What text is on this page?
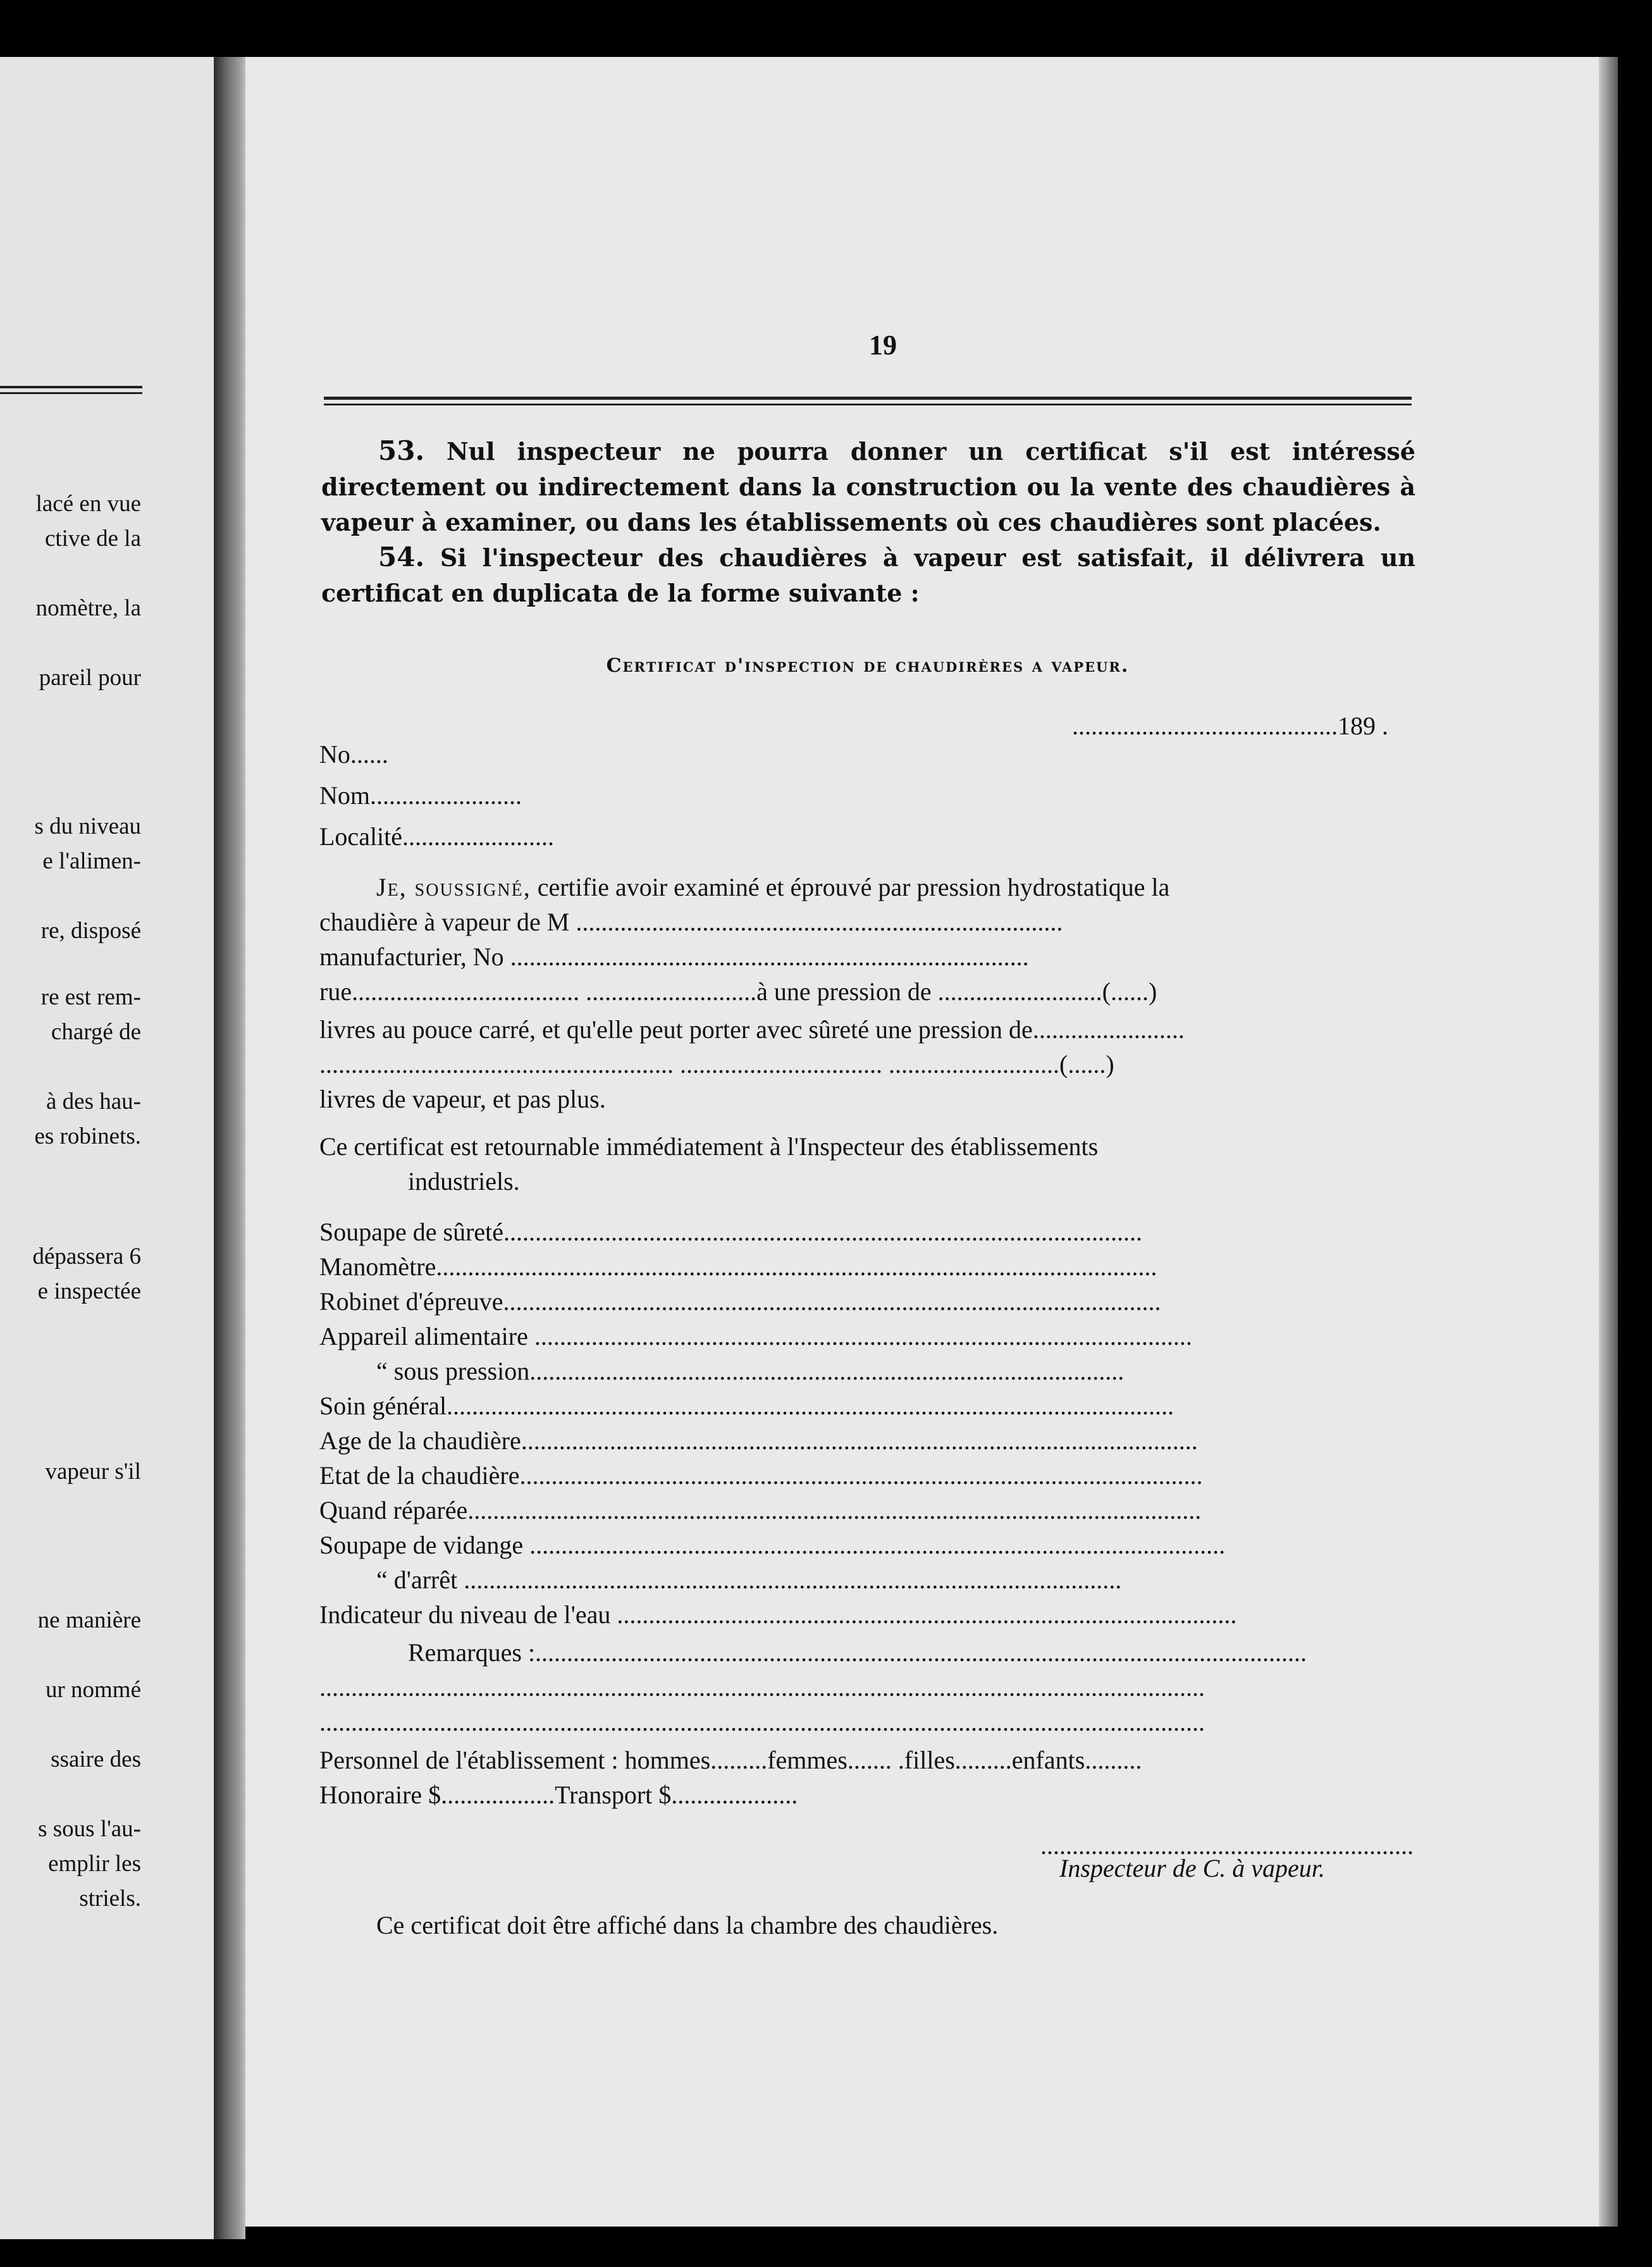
lacé en vue
ctive de la
nomètre, la
pareil pour
s du niveau
e l'alimen-
re, disposé
re est rem-
chargé de
à des hau-
es robinets.
dépassera 6
e inspectée
vapeur s'il
ne manière
ur nommé
ssaire des
s sous l'au-
emplir les
striels.
19
53. Nul inspecteur ne pourra donner un certificat s'il est intéressé directement ou indirectement dans la construction ou la vente des chaudières à vapeur à examiner, ou dans les établissements où ces chaudières sont placées.
54. Si l'inspecteur des chaudières à vapeur est satisfait, il délivrera un certificat en duplicata de la forme suivante :
Certificat d'inspection de chaudirères a vapeur.
..........................................189 .
No......
Nom........................
Localité........................
Je, soussigné, certifie avoir examiné et éprouvé par pression hydrostatique la
chaudière à vapeur de M .............................................................................
manufacturier, No ..................................................................................
rue.................................... ...........................à une pression de ..........................(......)
livres au pouce carré, et qu'elle peut porter avec sûreté une pression de........................
........................................................ ................................ ...........................(......)
livres de vapeur, et pas plus.
Ce certificat est retournable immédiatement à l'Inspecteur des établissements
industriels.
Soupape de sûreté.....................................................................................................
Manomètre..................................................................................................................
Robinet d'épreuve........................................................................................................
Appareil alimentaire ........................................................................................................
“ sous pression..............................................................................................
Soin général...................................................................................................................
Age de la chaudière...........................................................................................................
Etat de la chaudière............................................................................................................
Quand réparée....................................................................................................................
Soupape de vidange ..............................................................................................................
“ d'arrêt ........................................................................................................
Indicateur du niveau de l'eau ..................................................................................................
Remarques :..........................................................................................................................
............................................................................................................................................
............................................................................................................................................
Personnel de l'établissement : hommes.........femmes....... .filles.........enfants.........
Honoraire $..................Transport $....................
...........................................................
Inspecteur de C. à vapeur.
Ce certificat doit être affiché dans la chambre des chaudières.
